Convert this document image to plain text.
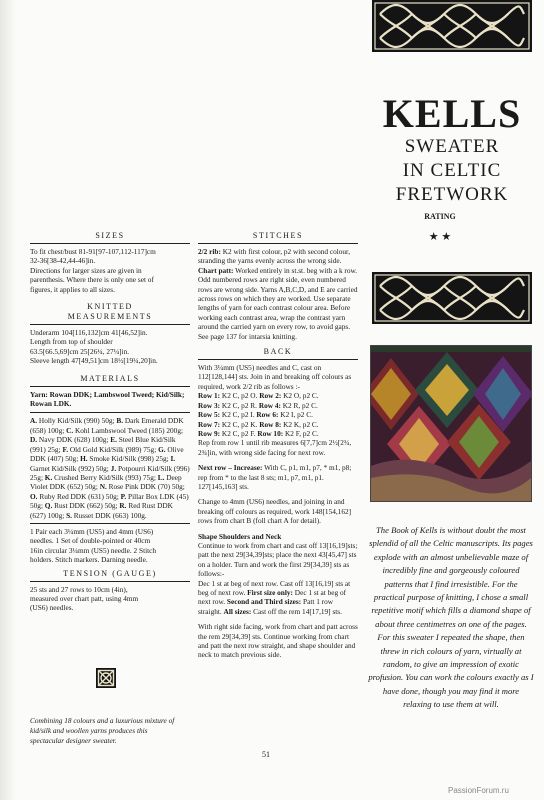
KELLS
SWEATER
IN CELTIC
FRETWORK
RATING
★ ★
The Book of Kells is without doubt the most splendid of all the Celtic manuscripts. Its pages explode with an almost unbelievable maze of incredibly fine and gorgeously coloured patterns that I find irresistible. For the practical purpose of knitting, I chose a small repetitive motif which fills a diamond shape of about three centimetres on one of the pages. For this sweater I repeated the shape, then threw in rich colours of yarn, virtually at random, to give an impression of exotic profusion. You can work the colours exactly as I have done, though you may find it more relaxing to use them at will.
SIZES

To fit chest/bust 81-91[97-107,112-117]cm

32-36[38-42,44-46]in.

Directions for larger sizes are given in

parenthesis. Where there is only one set of

figures, it applies to all sizes.

KNITTED
MEASUREMENTS

Underarm 104[116,132]cm 41[46,52]in.

Length from top of shoulder

63.5[66.5,69]cm 25[26¼, 27¼]in.

Sleeve length 47[49,51]cm 18½[19¼,20]in.

MATERIALS

Yarn: Rowan DDK; Lambswool Tweed; Kid/Silk; Rowan LDK.

A. Holly Kid/Silk (990) 50g; B. Dark Emerald DDK (658) 100g; C. Kohl Lambswool Tweed (185) 200g; D. Navy DDK (628) 100g; E. Steel Blue Kid/Silk (991) 25g; F. Old Gold Kid/Silk (989) 75g; G. Olive DDK (407) 50g; H. Smoke Kid/Silk (998) 25g; I. Garnet Kid/Silk (992) 50g; J. Potpourri Kid/Silk (996) 25g; K. Crushed Berry Kid/Silk (993) 75g; L. Deep Violet DDK (652) 50g; N. Rose Pink DDK (70) 50g; O. Ruby Red DDK (631) 50g; P. Pillar Box LDK (45) 50g; Q. Rust DDK (662) 50g; R. Red Rust DDK (627) 100g; S. Russet DDK (663) 100g.

1 Pair each 3¼mm (US5) and 4mm (US6)

needles. 1 Set of double-pointed or 40cm

16in circular 3¼mm (US5) needle. 2 Stitch

holders. Stitch markers. Darning needle.

TENSION (GAUGE)

25 sts and 27 rows to 10cm (4in),

measured over chart patt, using 4mm

(US6) needles.

Combining 18 colours and a luxurious mixture of kid/silk and woollen yarns produces this spectacular designer sweater.
STITCHES

2/2 rib: K2 with first colour, p2 with second colour, stranding the yarns evenly across the wrong side. Chart patt: Worked entirely in st.st. beg with a k row. Odd numbered rows are right side, even numbered rows are wrong side. Yarns A,B,C,D, and E are carried across rows on which they are worked. Use separate lengths of yarn for each contrast colour area. Before working each contrast area, wrap the contrast yarn around the carried yarn on every row, to avoid gaps. See page 137 for intarsia knitting.

BACK

With 3¼mm (US5) needles and C, cast on 112[128,144] sts. Join in and breaking off colours as required, work 2/2 rib as follows :-

Row 1: K2 C, p2 O. Row 2: K2 O, p2 C.

Row 3: K2 C, p2 R. Row 4: K2 R, p2 C.

Row 5: K2 C, p2 I. Row 6: K2 I, p2 C.

Row 7: K2 C, p2 K. Row 8: K2 K, p2 C.

Row 9: K2 C, p2 F. Row 10: K2 F, p2 C.

Rep from row 1 until rib measures 6[7,7]cm 2½[2¾, 2¾]in, with wrong side facing for next row.

Next row – Increase: With C, p1, m1, p7, * m1, p8; rep from * to the last 8 sts; m1, p7, m1, p1. 127[145,163] sts.

Change to 4mm (US6) needles, and joining in and breaking off colours as required, work 148[154,162] rows from chart B (foll chart A for detail).

Shape Shoulders and Neck

Continue to work from chart and cast off 13[16,19]sts; patt the next 29[34,39]sts; place the next 43[45,47] sts on a holder. Turn and work the first 29[34,39] sts as follows:-

Dec 1 st at beg of next row. Cast off 13[16,19] sts at beg of next row. First size only: Dec 1 st at beg of next row. Second and Third sizes: Patt 1 row straight. All sizes: Cast off the rem 14[17,19] sts.

With right side facing, work from chart and patt across the rem 29[34,39] sts. Continue working from chart and patt the next row straight, and shape shoulder and neck to match previous side.

51
PassionForum.ru
